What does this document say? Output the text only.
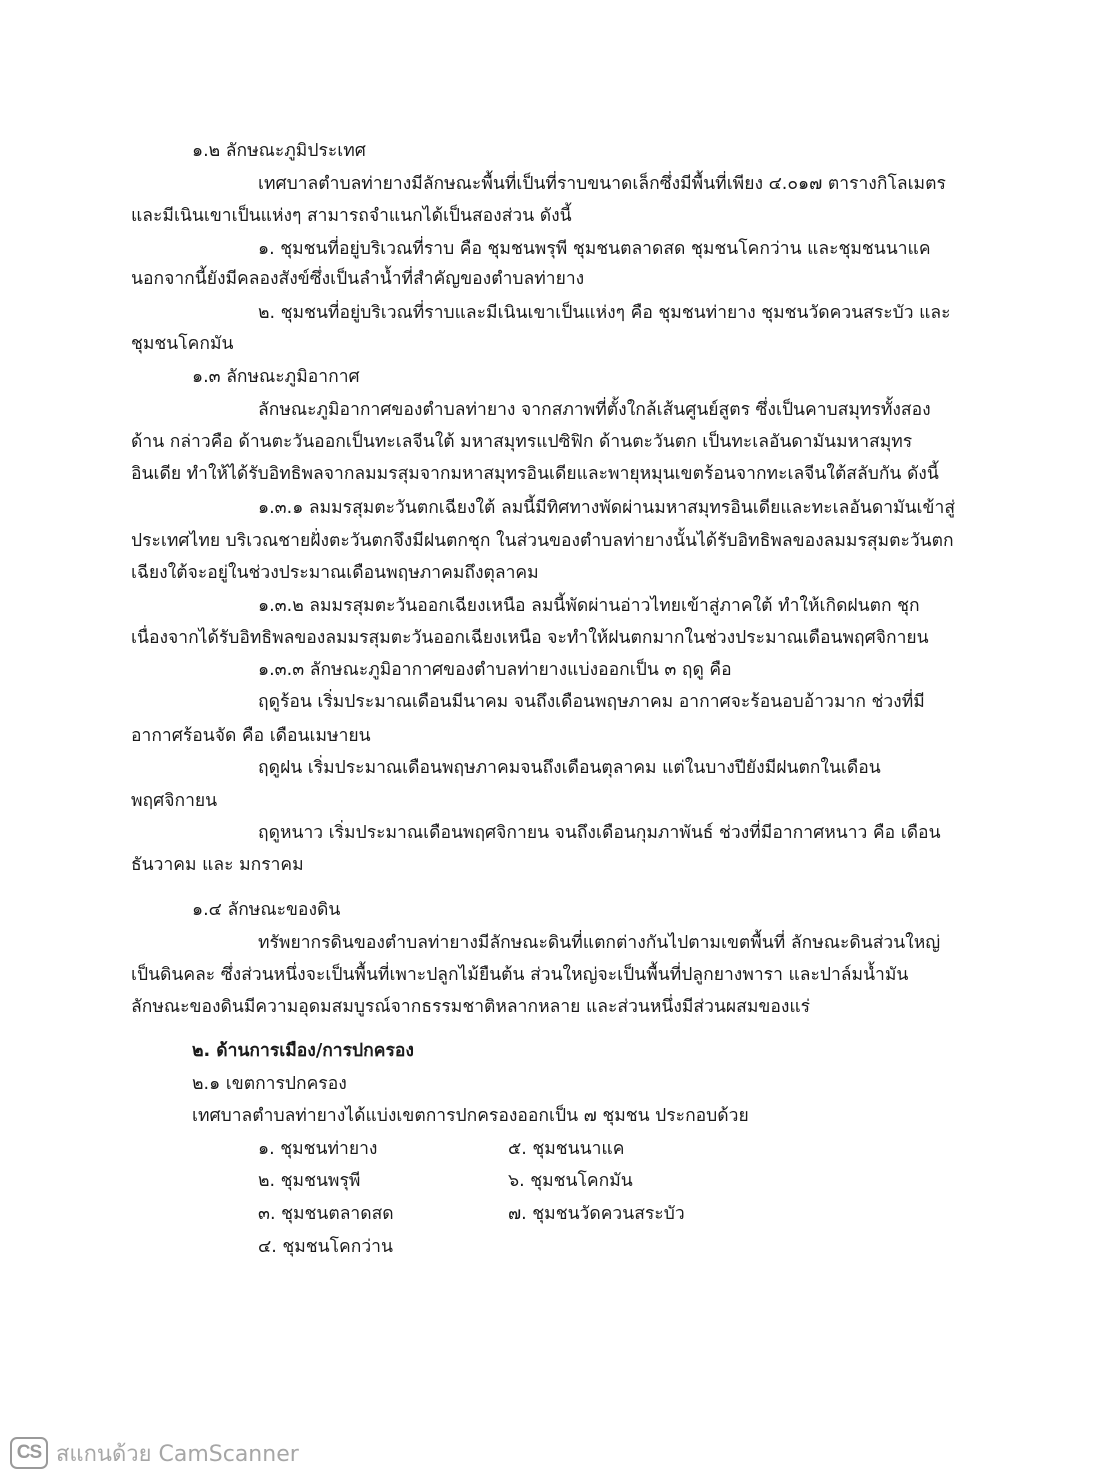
๑.๒ ลักษณะภูมิประเทศ

เทศบาลตำบลท่ายางมีลักษณะพื้นที่เป็นที่ราบขนาดเล็กซึ่งมีพื้นที่เพียง ๔.๐๑๗ ตารางกิโลเมตร

และมีเนินเขาเป็นแห่งๆ สามารถจำแนกได้เป็นสองส่วน ดังนี้

๑. ชุมชนที่อยู่บริเวณที่ราบ คือ ชุมชนพรุพี ชุมชนตลาดสด ชุมชนโคกว่าน และชุมชนนาแค

นอกจากนี้ยังมีคลองสังข์ซึ่งเป็นลำน้ำที่สำคัญของตำบลท่ายาง

๒. ชุมชนที่อยู่บริเวณที่ราบและมีเนินเขาเป็นแห่งๆ คือ ชุมชนท่ายาง ชุมชนวัดควนสระบัว และ

ชุมชนโคกมัน

๑.๓ ลักษณะภูมิอากาศ

ลักษณะภูมิอากาศของตำบลท่ายาง จากสภาพที่ตั้งใกล้เส้นศูนย์สูตร ซึ่งเป็นคาบสมุทรทั้งสอง

ด้าน กล่าวคือ ด้านตะวันออกเป็นทะเลจีนใต้ มหาสมุทรแปซิฟิก ด้านตะวันตก เป็นทะเลอันดามันมหาสมุทร

อินเดีย ทำให้ได้รับอิทธิพลจากลมมรสุมจากมหาสมุทรอินเดียและพายุหมุนเขตร้อนจากทะเลจีนใต้สลับกัน ดังนี้

๑.๓.๑ ลมมรสุมตะวันตกเฉียงใต้ ลมนี้มีทิศทางพัดผ่านมหาสมุทรอินเดียและทะเลอันดามันเข้าสู่

ประเทศไทย บริเวณชายฝั่งตะวันตกจึงมีฝนตกชุก ในส่วนของตำบลท่ายางนั้นได้รับอิทธิพลของลมมรสุมตะวันตก

เฉียงใต้จะอยู่ในช่วงประมาณเดือนพฤษภาคมถึงตุลาคม

๑.๓.๒ ลมมรสุมตะวันออกเฉียงเหนือ ลมนี้พัดผ่านอ่าวไทยเข้าสู่ภาคใต้ ทำให้เกิดฝนตก ชุก

เนื่องจากได้รับอิทธิพลของลมมรสุมตะวันออกเฉียงเหนือ จะทำให้ฝนตกมากในช่วงประมาณเดือนพฤศจิกายน

๑.๓.๓ ลักษณะภูมิอากาศของตำบลท่ายางแบ่งออกเป็น ๓ ฤดู คือ

ฤดูร้อน เริ่มประมาณเดือนมีนาคม จนถึงเดือนพฤษภาคม อากาศจะร้อนอบอ้าวมาก ช่วงที่มี

อากาศร้อนจัด คือ เดือนเมษายน

ฤดูฝน เริ่มประมาณเดือนพฤษภาคมจนถึงเดือนตุลาคม แต่ในบางปียังมีฝนตกในเดือน

พฤศจิกายน

ฤดูหนาว เริ่มประมาณเดือนพฤศจิกายน จนถึงเดือนกุมภาพันธ์ ช่วงที่มีอากาศหนาว คือ เดือน

ธันวาคม และ มกราคม

๑.๔ ลักษณะของดิน

ทรัพยากรดินของตำบลท่ายางมีลักษณะดินที่แตกต่างกันไปตามเขตพื้นที่ ลักษณะดินส่วนใหญ่

เป็นดินคละ ซึ่งส่วนหนึ่งจะเป็นพื้นที่เพาะปลูกไม้ยืนต้น ส่วนใหญ่จะเป็นพื้นที่ปลูกยางพารา และปาล์มน้ำมัน

ลักษณะของดินมีความอุดมสมบูรณ์จากธรรมชาติหลากหลาย และส่วนหนึ่งมีส่วนผสมของแร่

๒. ด้านการเมือง/การปกครอง

๒.๑ เขตการปกครอง

เทศบาลตำบลท่ายางได้แบ่งเขตการปกครองออกเป็น ๗ ชุมชน ประกอบด้วย

๑. ชุมชนท่ายาง

๒. ชุมชนพรุพี

๓. ชุมชนตลาดสด

๔. ชุมชนโคกว่าน

๕. ชุมชนนาแค

๖. ชุมชนโคกมัน

๗. ชุมชนวัดควนสระบัว

CS สแกนด้วย CamScanner
